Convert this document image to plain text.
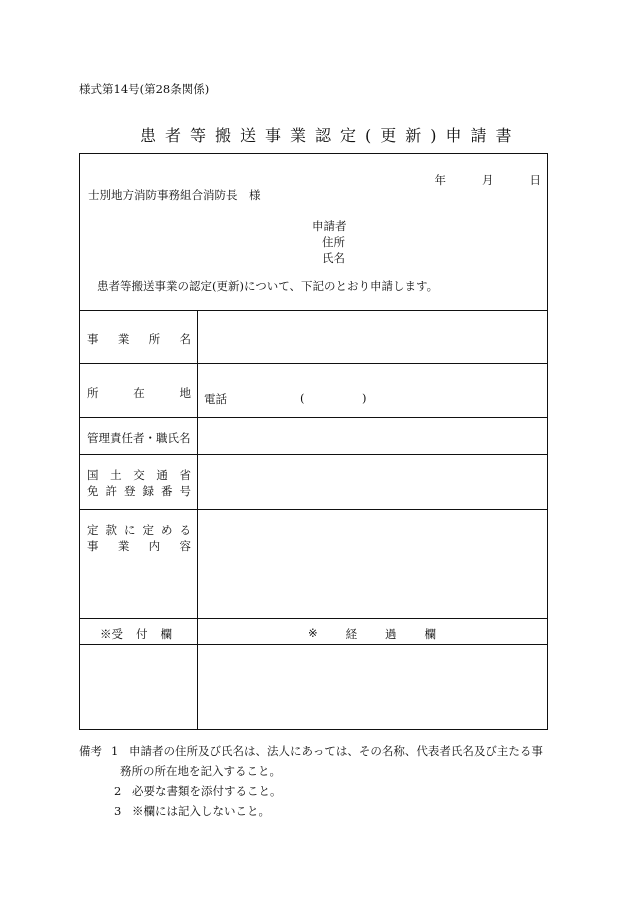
様式第14号(第28条関係)
患者等搬送事業認定(更新)申請書
年	月	日
士別地方消防事務組合消防長　様
申請者
住所
氏名
患者等搬送事業の認定(更新)について、下記のとおり申請します。
事 業 所 名
所	在	地 電話	(	)
管理責任者・職氏名
国 土 交 通 省
免 許 登 録 番 号
定 款 に 定 め る
事 業 内 容
※受 付 欄	※ 経 過 欄
備考 1 申請者の住所及び氏名は、法人にあっては、その名称、代表者氏名及び主たる事
務所の所在地を記入すること。
2 必要な書類を添付すること。
3 ※欄には記入しないこと。
